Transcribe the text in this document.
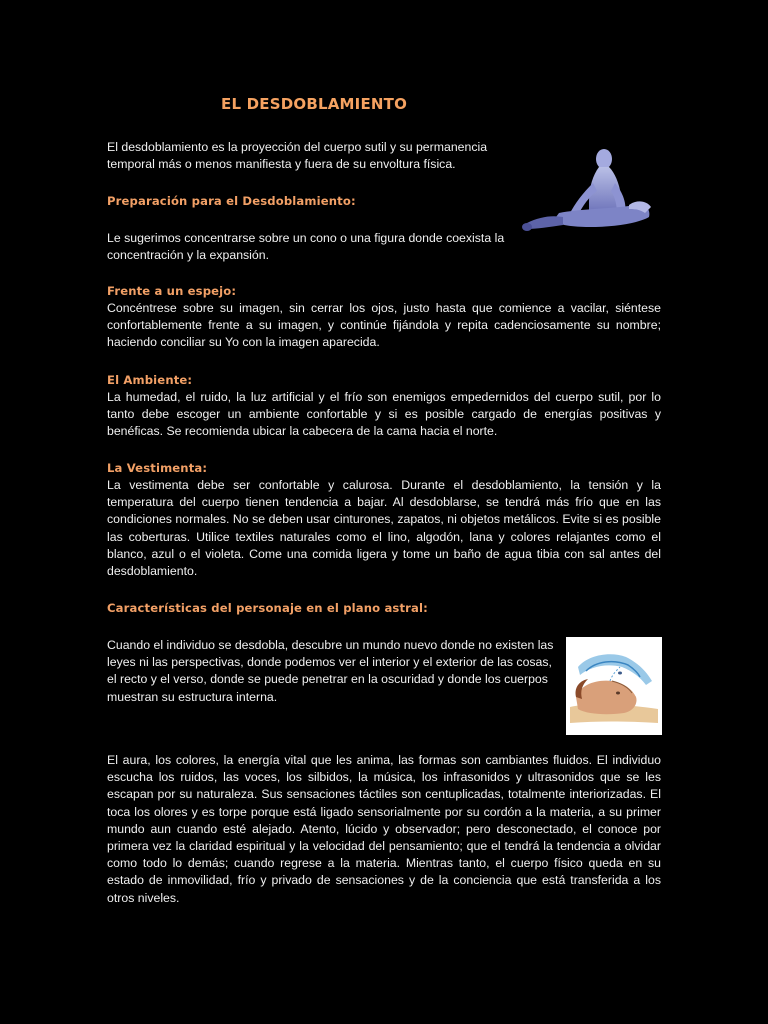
EL DESDOBLAMIENTO
El desdoblamiento es la proyección del cuerpo sutil y su permanencia temporal más o menos manifiesta y fuera de su envoltura física.
Preparación para el Desdoblamiento:
Le sugerimos concentrarse sobre un cono o una figura donde coexista la concentración y la expansión.
Frente a un espejo:
Concéntrese sobre su imagen, sin cerrar los ojos, justo hasta que comience a vacilar, siéntese confortablemente frente a su imagen, y continúe fijándola y repita cadenciosamente su nombre; haciendo conciliar su Yo con la imagen aparecida.
El Ambiente:
La humedad, el ruido, la luz artificial y el frío son enemigos empedernidos del cuerpo sutil, por lo tanto debe escoger un ambiente confortable y si es posible cargado de energías positivas y benéficas. Se recomienda ubicar la cabecera de la cama hacia el norte.
La Vestimenta:
La vestimenta debe ser confortable y calurosa. Durante el desdoblamiento, la tensión y la temperatura del cuerpo tienen tendencia a bajar. Al desdoblarse, se tendrá más frío que en las condiciones normales. No se deben usar cinturones, zapatos, ni objetos metálicos. Evite si es posible las coberturas. Utilice textiles naturales como el lino, algodón, lana y colores relajantes como el blanco, azul o el violeta. Come una comida ligera y tome un baño de agua tibia con sal antes del desdoblamiento.
Características del personaje en el plano astral:
Cuando el individuo se desdobla, descubre un mundo nuevo donde no existen las leyes ni las perspectivas, donde podemos ver el interior y el exterior de las cosas, el recto y el verso, donde se puede penetrar en la oscuridad y donde los cuerpos muestran su estructura interna.
El aura, los colores, la energía vital que les anima, las formas son cambiantes fluidos. El individuo escucha los ruidos, las voces, los silbidos, la música, los infrasonidos y ultrasonidos que se les escapan por su naturaleza. Sus sensaciones táctiles son centuplicadas, totalmente interiorizadas. El toca los olores y es torpe porque está ligado sensorialmente por su cordón a la materia, a su primer mundo aun cuando esté alejado. Atento, lúcido y observador; pero desconectado, el conoce por primera vez la claridad espiritual y la velocidad del pensamiento; que el tendrá la tendencia a olvidar como todo lo demás; cuando regrese a la materia. Mientras tanto, el cuerpo físico queda en su estado de inmovilidad, frío y privado de sensaciones y de la conciencia que está transferida a los otros niveles.
